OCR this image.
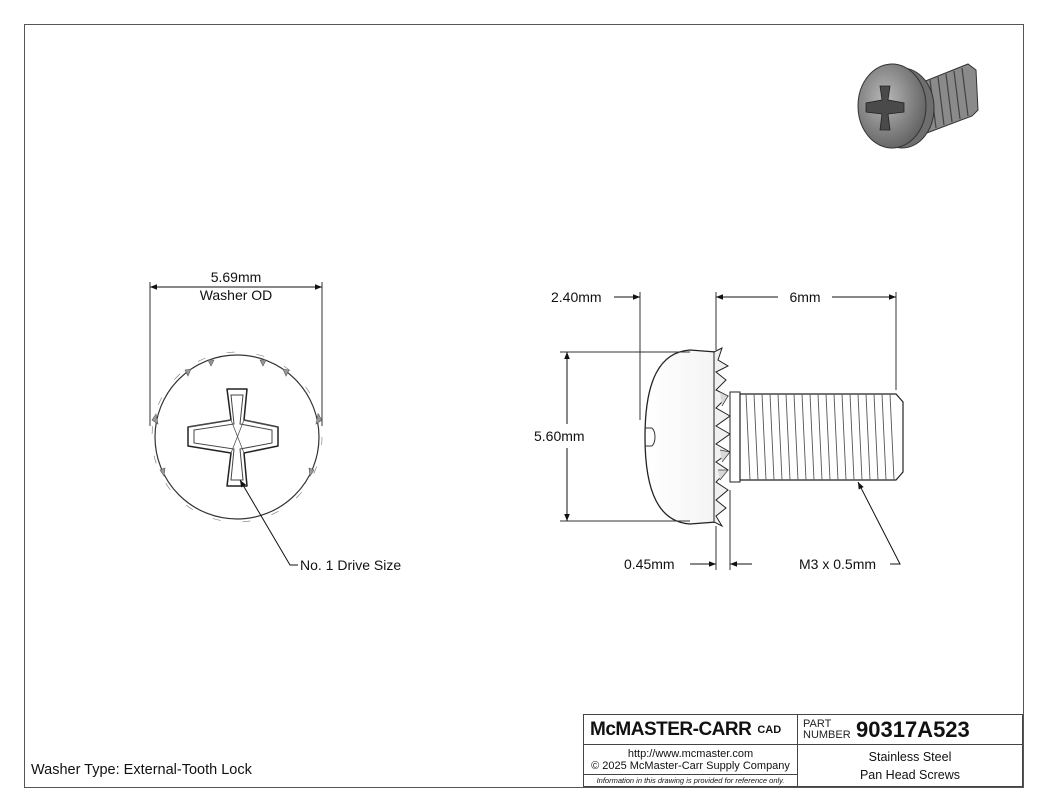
5.69mm
Washer OD
No. 1 Drive Size
2.40mm	6mm
5.60mm
0.45mm	M3 x 0.5mm
McMASTER-CARR CAD	PART
NUMBER 90317A523
http://www.mcmaster.com
© 2025 McMaster-Carr Supply Company
Information in this drawing is provided for reference only.
Stainless Steel
Pan Head Screws
Washer Type: External-Tooth Lock
